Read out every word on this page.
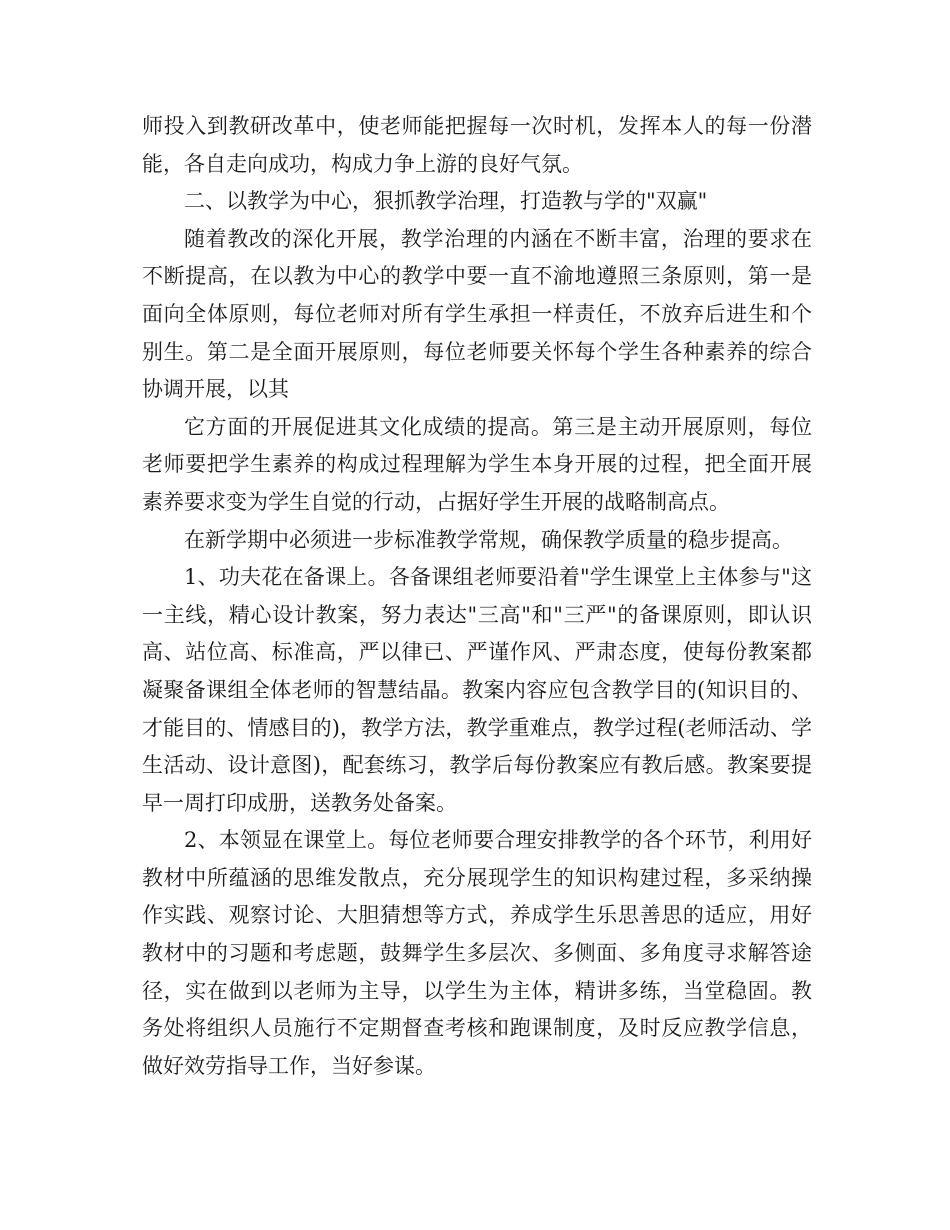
师投入到教研改革中，使老师能把握每一次时机，发挥本人的每一份潜能，各自走向成功，构成力争上游的良好气氛。

二、以教学为中心，狠抓教学治理，打造教与学的"双赢"

随着教改的深化开展，教学治理的内涵在不断丰富，治理的要求在不断提高，在以教为中心的教学中要一直不渝地遵照三条原则，第一是面向全体原则，每位老师对所有学生承担一样责任，不放弃后进生和个别生。第二是全面开展原则，每位老师要关怀每个学生各种素养的综合协调开展，以其

它方面的开展促进其文化成绩的提高。第三是主动开展原则，每位老师要把学生素养的构成过程理解为学生本身开展的过程，把全面开展素养要求变为学生自觉的行动，占据好学生开展的战略制高点。

在新学期中必须进一步标准教学常规，确保教学质量的稳步提高。

1、功夫花在备课上。各备课组老师要沿着"学生课堂上主体参与"这一主线，精心设计教案，努力表达"三高"和"三严"的备课原则，即认识高、站位高、标准高，严以律已、严谨作风、严肃态度，使每份教案都凝聚备课组全体老师的智慧结晶。教案内容应包含教学目的(知识目的、才能目的、情感目的)，教学方法，教学重难点，教学过程(老师活动、学生活动、设计意图)，配套练习，教学后每份教案应有教后感。教案要提早一周打印成册，送教务处备案。

2、本领显在课堂上。每位老师要合理安排教学的各个环节，利用好教材中所蕴涵的思维发散点，充分展现学生的知识构建过程，多采纳操作实践、观察讨论、大胆猜想等方式，养成学生乐思善思的适应，用好教材中的习题和考虑题，鼓舞学生多层次、多侧面、多角度寻求解答途径，实在做到以老师为主导，以学生为主体，精讲多练，当堂稳固。教务处将组织人员施行不定期督查考核和跑课制度，及时反应教学信息，做好效劳指导工作，当好参谋。
